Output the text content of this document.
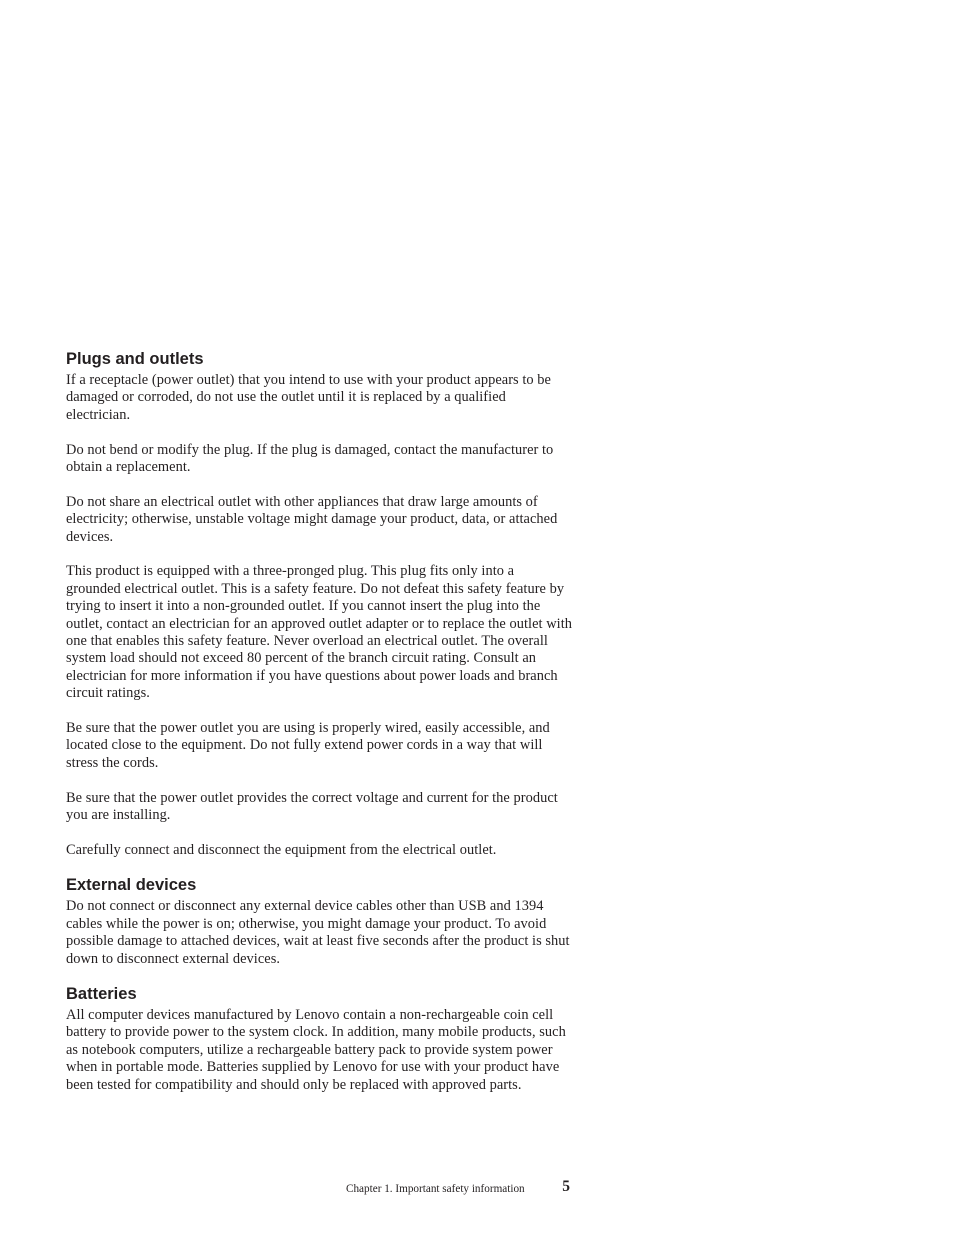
Plugs and outlets

If a receptacle (power outlet) that you intend to use with your product appears to be damaged or corroded, do not use the outlet until it is replaced by a qualified electrician.

Do not bend or modify the plug. If the plug is damaged, contact the manufacturer to obtain a replacement.

Do not share an electrical outlet with other appliances that draw large amounts of electricity; otherwise, unstable voltage might damage your product, data, or attached devices.

This product is equipped with a three-pronged plug. This plug fits only into a grounded electrical outlet. This is a safety feature. Do not defeat this safety feature by trying to insert it into a non-grounded outlet. If you cannot insert the plug into the outlet, contact an electrician for an approved outlet adapter or to replace the outlet with one that enables this safety feature. Never overload an electrical outlet. The overall system load should not exceed 80 percent of the branch circuit rating. Consult an electrician for more information if you have questions about power loads and branch circuit ratings.

Be sure that the power outlet you are using is properly wired, easily accessible, and located close to the equipment. Do not fully extend power cords in a way that will stress the cords.

Be sure that the power outlet provides the correct voltage and current for the product you are installing.

Carefully connect and disconnect the equipment from the electrical outlet.

External devices

Do not connect or disconnect any external device cables other than USB and 1394 cables while the power is on; otherwise, you might damage your product. To avoid possible damage to attached devices, wait at least five seconds after the product is shut down to disconnect external devices.

Batteries

All computer devices manufactured by Lenovo contain a non-rechargeable coin cell battery to provide power to the system clock. In addition, many mobile products, such as notebook computers, utilize a rechargeable battery pack to provide system power when in portable mode. Batteries supplied by Lenovo for use with your product have been tested for compatibility and should only be replaced with approved parts.

Chapter 1. Important safety information 5
